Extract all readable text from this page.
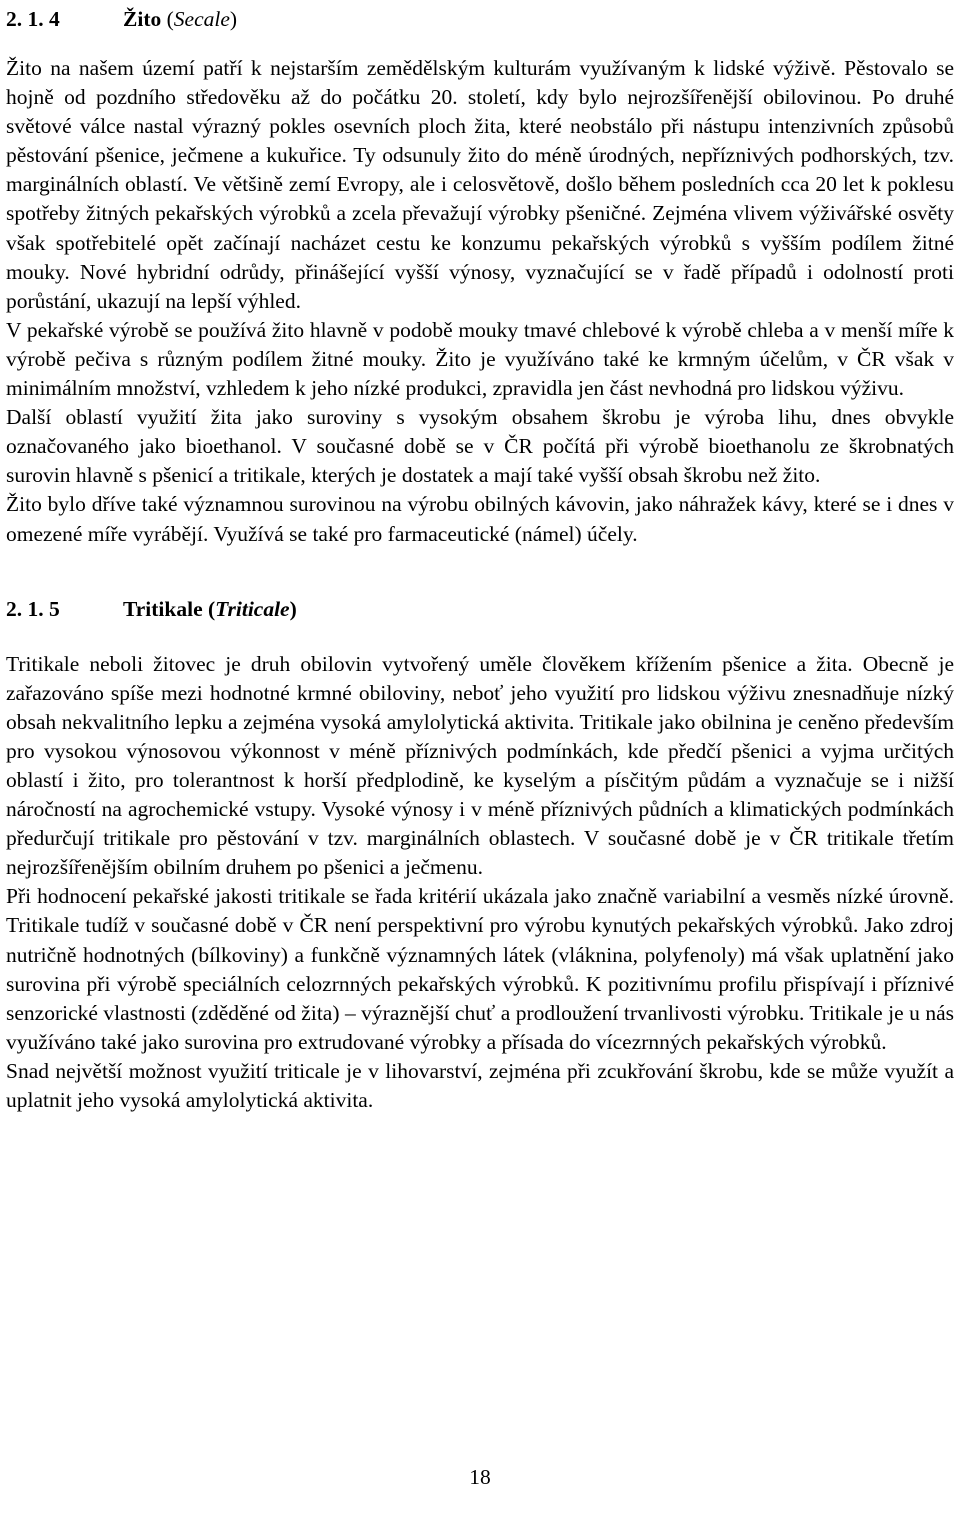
2. 1. 4	Žito (Secale)

Žito na našem území patří k nejstarším zemědělským kulturám využívaným k lidské výživě. Pěstovalo se hojně od pozdního středověku až do počátku 20. století, kdy bylo nejrozšířenější obilovinou. Po druhé světové válce nastal výrazný pokles osevních ploch žita, které neobstálo při nástupu intenzivních způsobů pěstování pšenice, ječmene a kukuřice. Ty odsunuly žito do méně úrodných, nepříznivých podhorských, tzv. marginálních oblastí. Ve většině zemí Evropy, ale i celosvětově, došlo během posledních cca 20 let k poklesu spotřeby žitných pekařských výrobků a zcela převažují výrobky pšeničné. Zejména vlivem výživářské osvěty však spotřebitelé opět začínají nacházet cestu ke konzumu pekařských výrobků s vyšším podílem žitné mouky. Nové hybridní odrůdy, přinášející vyšší výnosy, vyznačující se v řadě případů i odolností proti porůstání, ukazují na lepší výhled.

V pekařské výrobě se používá žito hlavně v podobě mouky tmavé chlebové k výrobě chleba a v menší míře k výrobě pečiva s různým podílem žitné mouky. Žito je využíváno také ke krmným účelům, v ČR však v minimálním množství, vzhledem k jeho nízké produkci, zpravidla jen část nevhodná pro lidskou výživu.

Další oblastí využití žita jako suroviny s vysokým obsahem škrobu je výroba lihu, dnes obvykle označovaného jako bioethanol. V současné době se v ČR počítá při výrobě bioethanolu ze škrobnatých surovin hlavně s pšenicí a tritikale, kterých je dostatek a mají také vyšší obsah škrobu než žito.

Žito bylo dříve také významnou surovinou na výrobu obilných kávovin, jako náhražek kávy, které se i dnes v omezené míře vyrábějí. Využívá se také pro farmaceutické (námel) účely.

2. 1. 5	Tritikale (Triticale)

Tritikale neboli žitovec je druh obilovin vytvořený uměle člověkem křížením pšenice a žita. Obecně je zařazováno spíše mezi hodnotné krmné obiloviny, neboť jeho využití pro lidskou výživu znesnadňuje nízký obsah nekvalitního lepku a zejména vysoká amylolytická aktivita. Tritikale jako obilnina je ceněno především pro vysokou výnosovou výkonnost v méně příznivých podmínkách, kde předčí pšenici a vyjma určitých oblastí i žito, pro tolerantnost k horší předplodině, ke kyselým a písčitým půdám a vyznačuje se i nižší náročností na agrochemické vstupy. Vysoké výnosy i v méně příznivých půdních a klimatických podmínkách předurčují tritikale pro pěstování v tzv. marginálních oblastech. V současné době je v ČR tritikale třetím nejrozšířenějším obilním druhem po pšenici a ječmenu.

Při hodnocení pekařské jakosti tritikale se řada kritérií ukázala jako značně variabilní a vesměs nízké úrovně. Tritikale tudíž v současné době v ČR není perspektivní pro výrobu kynutých pekařských výrobků. Jako zdroj nutričně hodnotných (bílkoviny) a funkčně významných látek (vláknina, polyfenoly) má však uplatnění jako surovina při výrobě speciálních celozrnných pekařských výrobků. K pozitivnímu profilu přispívají i příznivé senzorické vlastnosti (zděděné od žita) – výraznější chuť a prodloužení trvanlivosti výrobku. Tritikale je u nás využíváno také jako surovina pro extrudované výrobky a přísada do vícezrnných pekařských výrobků.

Snad největší možnost využití triticale je v lihovarství, zejména při zcukřování škrobu, kde se může využít a uplatnit jeho vysoká amylolytická aktivita.

18
